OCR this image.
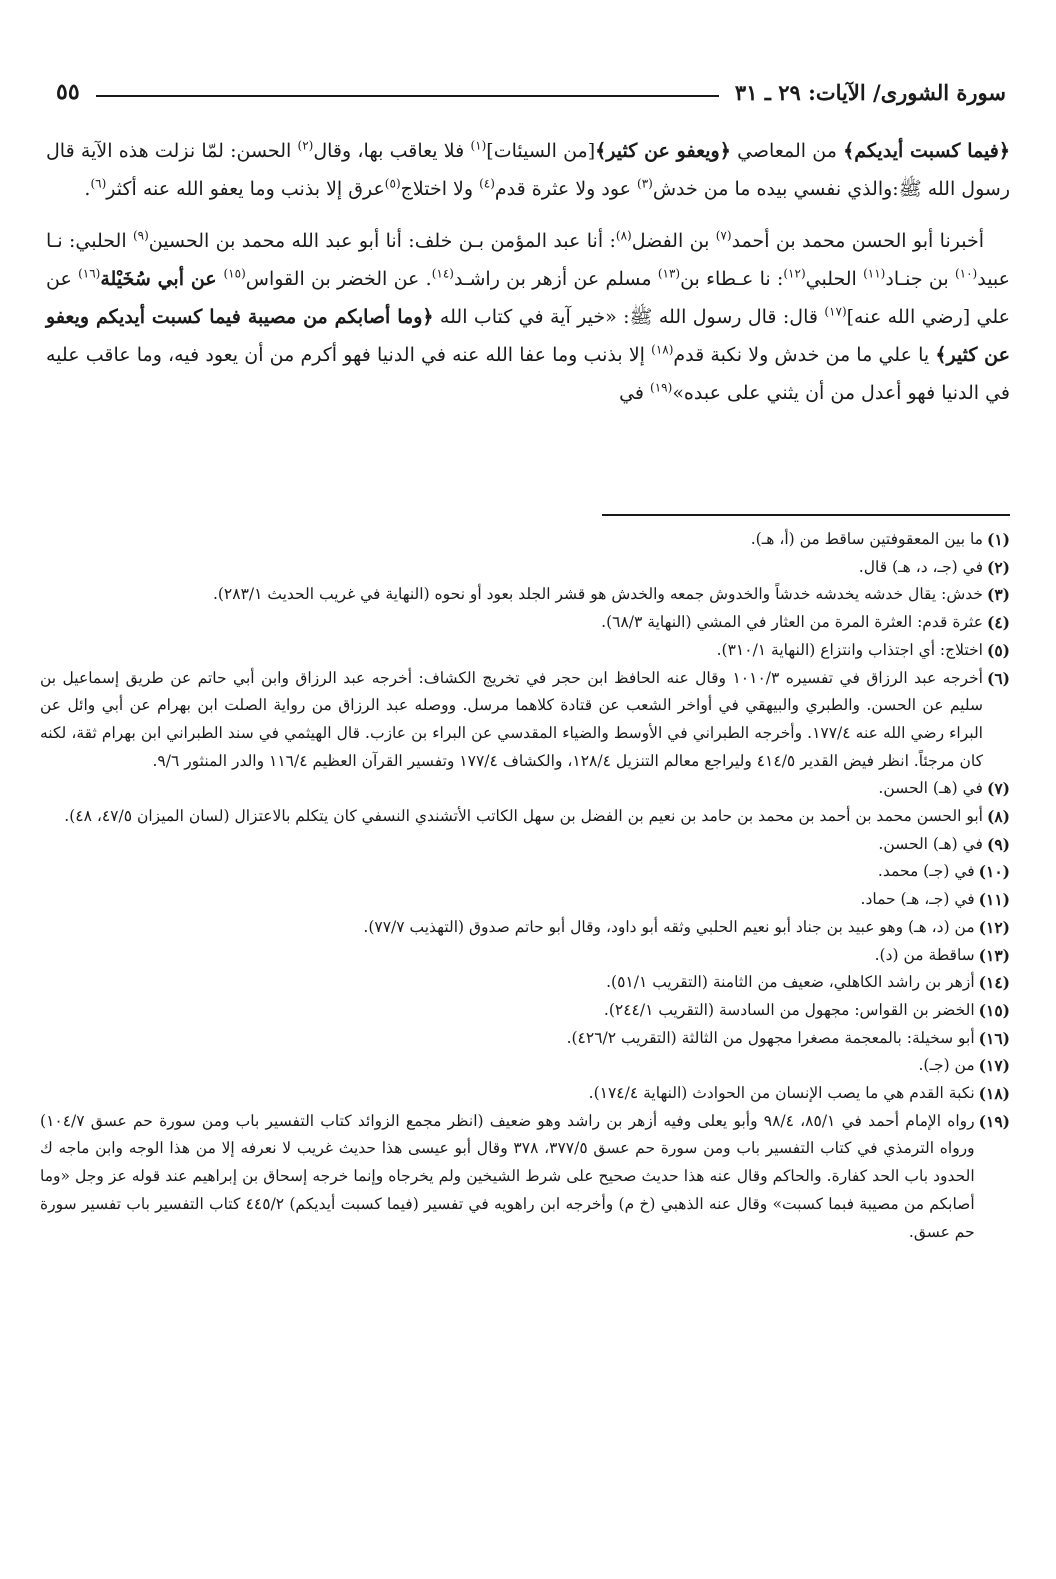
سورة الشورى/ الآيات: ٢٩ ـ ٣١
٥٥

﴿فيما كسبت أيديكم﴾ من المعاصي ﴿ويعفو عن كثير﴾[من السيئات]$^{(١)}$ فلا يعاقب بها، وقال$^{(٢)}$ الحسن: لمّا نزلت هذه الآية قال رسول الله ﷺ:والذي نفسي بيده ما من خدش$^{(٣)}$ عود ولا عثرة قدم$^{(٤)}$ ولا اختلاج$^{(٥)}$عرق إلا بذنب وما يعفو الله عنه أكثر$^{(٦)}$.

أخبرنا أبو الحسن محمد بن أحمد$^{(٧)}$ بن الفضل$^{(٨)}$: أنا عبد المؤمن بـن خلف: أنا أبو عبد الله محمد بن الحسين$^{(٩)}$ الحلبي: نـا عبيد$^{(١٠)}$ بن جنـاد$^{(١١)}$ الحلبي$^{(١٢)}$: نا عـطاء بن$^{(١٣)}$ مسلم عن أزهر بن راشـد$^{(١٤)}$. عن الخضر بن القواس$^{(١٥)}$ عن أبي سُخَيْلة$^{(١٦)}$ عن علي [رضي الله عنه]$^{(١٧)}$ قال: قال رسول الله ﷺ: «خير آية في كتاب الله ﴿وما أصابكم من مصيبة فيما كسبت أيديكم ويعفو عن كثير﴾ يا علي ما من خدش ولا نكبة قدم$^{(١٨)}$ إلا بذنب وما عفا الله عنه في الدنيا فهو أكرم من أن يعود فيه، وما عاقب عليه في الدنيا فهو أعدل من أن يثني على عبده»$^{(١٩)}$ في

(١)
ما بين المعقوفتين ساقط من (أ، هـ).
(٢)
في (جـ، د، هـ) قال.
(٣)
خدش: يقال خدشه يخدشه خدشاً والخدوش جمعه والخدش هو قشر الجلد بعود أو نحوه (النهاية في غريب الحديث ٢٨٣/١).
(٤)
عثرة قدم: العثرة المرة من العثار في المشي (النهاية ٦٨/٣).
(٥)
اختلاج: أي اجتذاب وانتزاع (النهاية ٣١٠/١).
(٦)
أخرجه عبد الرزاق في تفسيره ١٠١٠/٣ وقال عنه الحافظ ابن حجر في تخريج الكشاف: أخرجه عبد الرزاق وابن أبي حاتم عن طريق إسماعيل بن سليم عن الحسن. والطبري والبيهقي في أواخر الشعب عن قتادة كلاهما مرسل. ووصله عبد الرزاق من رواية الصلت ابن بهرام عن أبي وائل عن البراء رضي الله عنه ١٧٧/٤. وأخرجه الطبراني في الأوسط والضياء المقدسي عن البراء بن عازب. قال الهيثمي في سند الطبراني ابن بهرام ثقة، لكنه كان مرجئاً. انظر فيض القدير ٤١٤/٥ وليراجع معالم التنزيل ١٢٨/٤، والكشاف ١٧٧/٤ وتفسير القرآن العظيم ١١٦/٤ والدر المنثور ٩/٦.
(٧)
في (هـ) الحسن.
(٨)
أبو الحسن محمد بن أحمد بن محمد بن حامد بن نعيم بن الفضل بن سهل الكاتب الأتشندي النسفي كان يتكلم بالاعتزال (لسان الميزان ٤٧/٥، ٤٨).
(٩)
في (هـ) الحسن.
(١٠)
في (جـ) محمد.
(١١)
في (جـ، هـ) حماد.
(١٢)
من (د، هـ) وهو عبيد بن جناد أبو نعيم الحلبي وثقه أبو داود، وقال أبو حاتم صدوق (التهذيب ٧٧/٧).
(١٣)
ساقطة من (د).
(١٤)
أزهر بن راشد الكاهلي، ضعيف من الثامنة (التقريب ٥١/١).
(١٥)
الخضر بن القواس: مجهول من السادسة (التقريب ٢٤٤/١).
(١٦)
أبو سخيلة: بالمعجمة مصغرا مجهول من الثالثة (التقريب ٤٢٦/٢).
(١٧)
من (جـ).
(١٨)
نكبة القدم هي ما يصب الإنسان من الحوادث (النهاية ١٧٤/٤).
(١٩)
رواه الإمام أحمد في ٨٥/١، ٩٨/٤ وأبو يعلى وفيه أزهر بن راشد وهو ضعيف (انظر مجمع الزوائد كتاب التفسير باب ومن سورة حم عسق ١٠٤/٧) ورواه الترمذي في كتاب التفسير باب ومن سورة حم عسق ٣٧٧/٥، ٣٧٨ وقال أبو عيسى هذا حديث غريب لا نعرفه إلا من هذا الوجه وابن ماجه ك الحدود باب الحد كفارة. والحاكم وقال عنه هذا حديث صحيح على شرط الشيخين ولم يخرجاه وإنما خرجه إسحاق بن إبراهيم عند قوله عز وجل «وما أصابكم من مصيبة فبما كسبت» وقال عنه الذهبي (خ م) وأخرجه ابن راهويه في تفسير (فيما كسبت أيديكم) ٤٤٥/٢ كتاب التفسير باب تفسير سورة حم عسق.
